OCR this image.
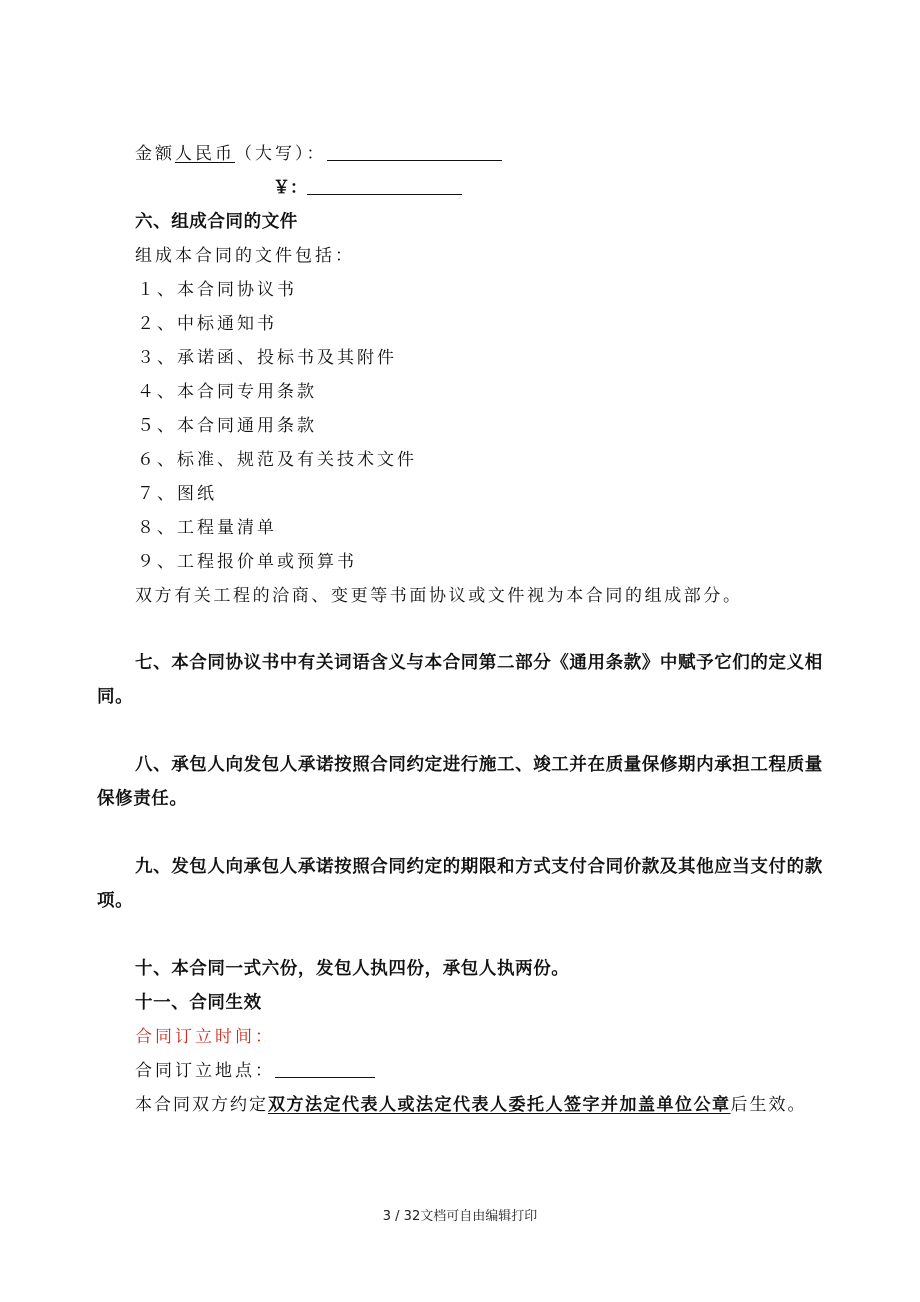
金额人民币（大写）：
￥：
六、组成合同的文件
组成本合同的文件包括：
１、本合同协议书
２、中标通知书
３、承诺函、投标书及其附件
４、本合同专用条款
５、本合同通用条款
６、标准、规范及有关技术文件
７、图纸
８、工程量清单
９、工程报价单或预算书
双方有关工程的洽商、变更等书面协议或文件视为本合同的组成部分。
七、本合同协议书中有关词语含义与本合同第二部分《通用条款》中赋予它们的定义相
同。
八、承包人向发包人承诺按照合同约定进行施工、竣工并在质量保修期内承担工程质量
保修责任。
九、发包人向承包人承诺按照合同约定的期限和方式支付合同价款及其他应当支付的款
项。
十、本合同一式六份，发包人执四份，承包人执两份。
十一、合同生效
合同订立时间：
合同订立地点：
本合同双方约定双方法定代表人或法定代表人委托人签字并加盖单位公章后生效。
3 / 32文档可自由编辑打印
